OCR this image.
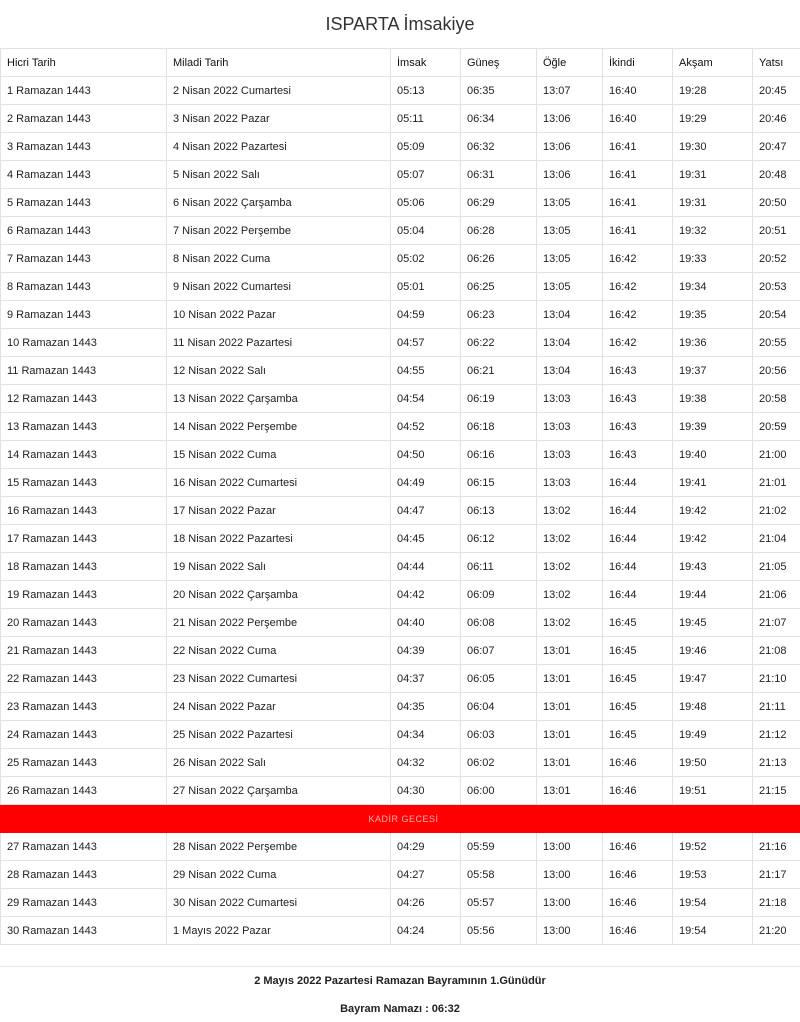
ISPARTA İmsakiye
Hicri Tarih	Miladi Tarih	İmsak	Güneş	Öğle	İkindi	Akşam	Yatsı
1 Ramazan 1443	2 Nisan 2022 Cumartesi	05:13	06:35	13:07	16:40	19:28	20:45
2 Ramazan 1443	3 Nisan 2022 Pazar	05:11	06:34	13:06	16:40	19:29	20:46
3 Ramazan 1443	4 Nisan 2022 Pazartesi	05:09	06:32	13:06	16:41	19:30	20:47
4 Ramazan 1443	5 Nisan 2022 Salı	05:07	06:31	13:06	16:41	19:31	20:48
5 Ramazan 1443	6 Nisan 2022 Çarşamba	05:06	06:29	13:05	16:41	19:31	20:50
6 Ramazan 1443	7 Nisan 2022 Perşembe	05:04	06:28	13:05	16:41	19:32	20:51
7 Ramazan 1443	8 Nisan 2022 Cuma	05:02	06:26	13:05	16:42	19:33	20:52
8 Ramazan 1443	9 Nisan 2022 Cumartesi	05:01	06:25	13:05	16:42	19:34	20:53
9 Ramazan 1443	10 Nisan 2022 Pazar	04:59	06:23	13:04	16:42	19:35	20:54
10 Ramazan 1443	11 Nisan 2022 Pazartesi	04:57	06:22	13:04	16:42	19:36	20:55
11 Ramazan 1443	12 Nisan 2022 Salı	04:55	06:21	13:04	16:43	19:37	20:56
12 Ramazan 1443	13 Nisan 2022 Çarşamba	04:54	06:19	13:03	16:43	19:38	20:58
13 Ramazan 1443	14 Nisan 2022 Perşembe	04:52	06:18	13:03	16:43	19:39	20:59
14 Ramazan 1443	15 Nisan 2022 Cuma	04:50	06:16	13:03	16:43	19:40	21:00
15 Ramazan 1443	16 Nisan 2022 Cumartesi	04:49	06:15	13:03	16:44	19:41	21:01
16 Ramazan 1443	17 Nisan 2022 Pazar	04:47	06:13	13:02	16:44	19:42	21:02
17 Ramazan 1443	18 Nisan 2022 Pazartesi	04:45	06:12	13:02	16:44	19:42	21:04
18 Ramazan 1443	19 Nisan 2022 Salı	04:44	06:11	13:02	16:44	19:43	21:05
19 Ramazan 1443	20 Nisan 2022 Çarşamba	04:42	06:09	13:02	16:44	19:44	21:06
20 Ramazan 1443	21 Nisan 2022 Perşembe	04:40	06:08	13:02	16:45	19:45	21:07
21 Ramazan 1443	22 Nisan 2022 Cuma	04:39	06:07	13:01	16:45	19:46	21:08
22 Ramazan 1443	23 Nisan 2022 Cumartesi	04:37	06:05	13:01	16:45	19:47	21:10
23 Ramazan 1443	24 Nisan 2022 Pazar	04:35	06:04	13:01	16:45	19:48	21:11
24 Ramazan 1443	25 Nisan 2022 Pazartesi	04:34	06:03	13:01	16:45	19:49	21:12
25 Ramazan 1443	26 Nisan 2022 Salı	04:32	06:02	13:01	16:46	19:50	21:13
26 Ramazan 1443	27 Nisan 2022 Çarşamba	04:30	06:00	13:01	16:46	19:51	21:15
KADİR GECESİ							
27 Ramazan 1443	28 Nisan 2022 Perşembe	04:29	05:59	13:00	16:46	19:52	21:16
28 Ramazan 1443	29 Nisan 2022 Cuma	04:27	05:58	13:00	16:46	19:53	21:17
29 Ramazan 1443	30 Nisan 2022 Cumartesi	04:26	05:57	13:00	16:46	19:54	21:18
30 Ramazan 1443	1 Mayıs 2022 Pazar	04:24	05:56	13:00	16:46	19:54	21:20
2 Mayıs 2022 Pazartesi Ramazan Bayramının 1.Günüdür
Bayram Namazı : 06:32
